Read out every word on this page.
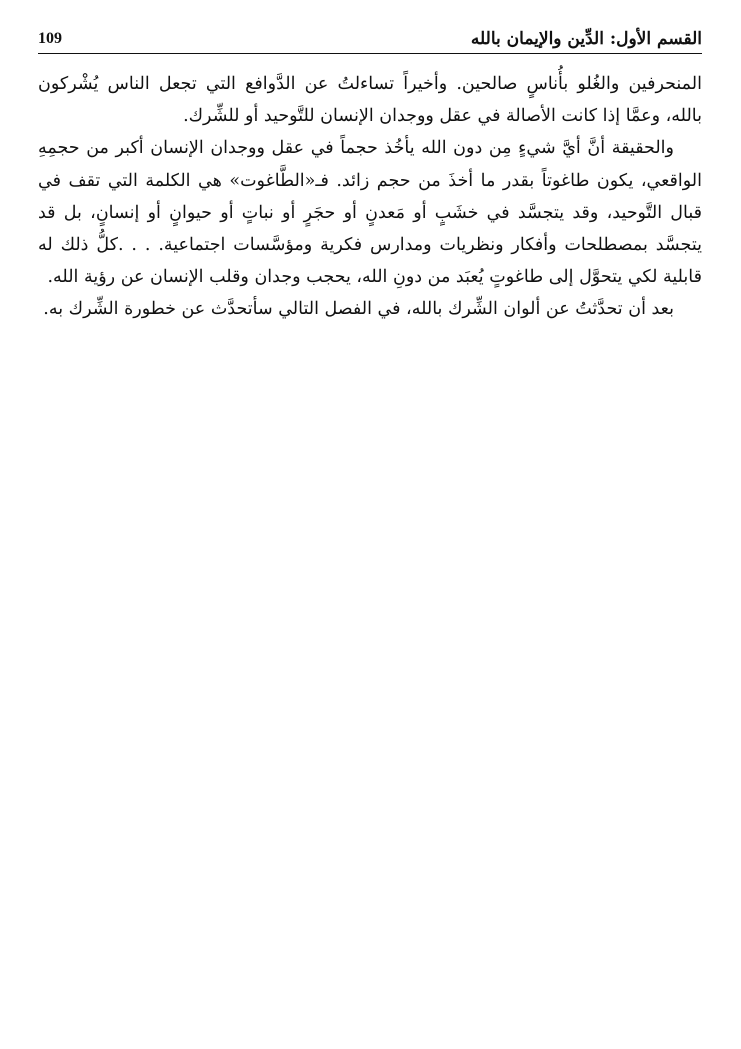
القسم الأول: الدِّين والإيمان بالله
109

المنحرفين والغُلو بأُناسٍ صالحين. وأخيراً تساءلتُ عن الدَّوافع التي تجعل الناس يُشْركون بالله، وعمَّا إذا كانت الأصالة في عقل ووجدان الإنسان للتَّوحيد أو للشِّرك.

والحقيقة أنَّ أيَّ شيءٍ مِن دون الله يأخُذ حجماً في عقل ووجدان الإنسان أكبر من حجمِهِ الواقعي، يكون طاغوتاً بقدر ما أخذَ من حجم زائد. فـ«الطَّاغوت» هي الكلمة التي تقف في قبال التَّوحيد، وقد يتجسَّد في خشَبٍ أو مَعدنٍ أو حجَرٍ أو نباتٍ أو حيوانٍ أو إنسانٍ، بل قد يتجسَّد بمصطلحات وأفكار ونظريات ومدارس فكرية ومؤسَّسات اجتماعية. . . .كلُّ ذلك له قابلية لكي يتحوَّل إلى طاغوتٍ يُعبَد من دونِ الله، يحجب وجدان وقلب الإنسان عن رؤية الله.

بعد أن تحدَّثتُ عن ألوان الشِّرك بالله، في الفصل التالي سأتحدَّث عن خطورة الشِّرك به.
